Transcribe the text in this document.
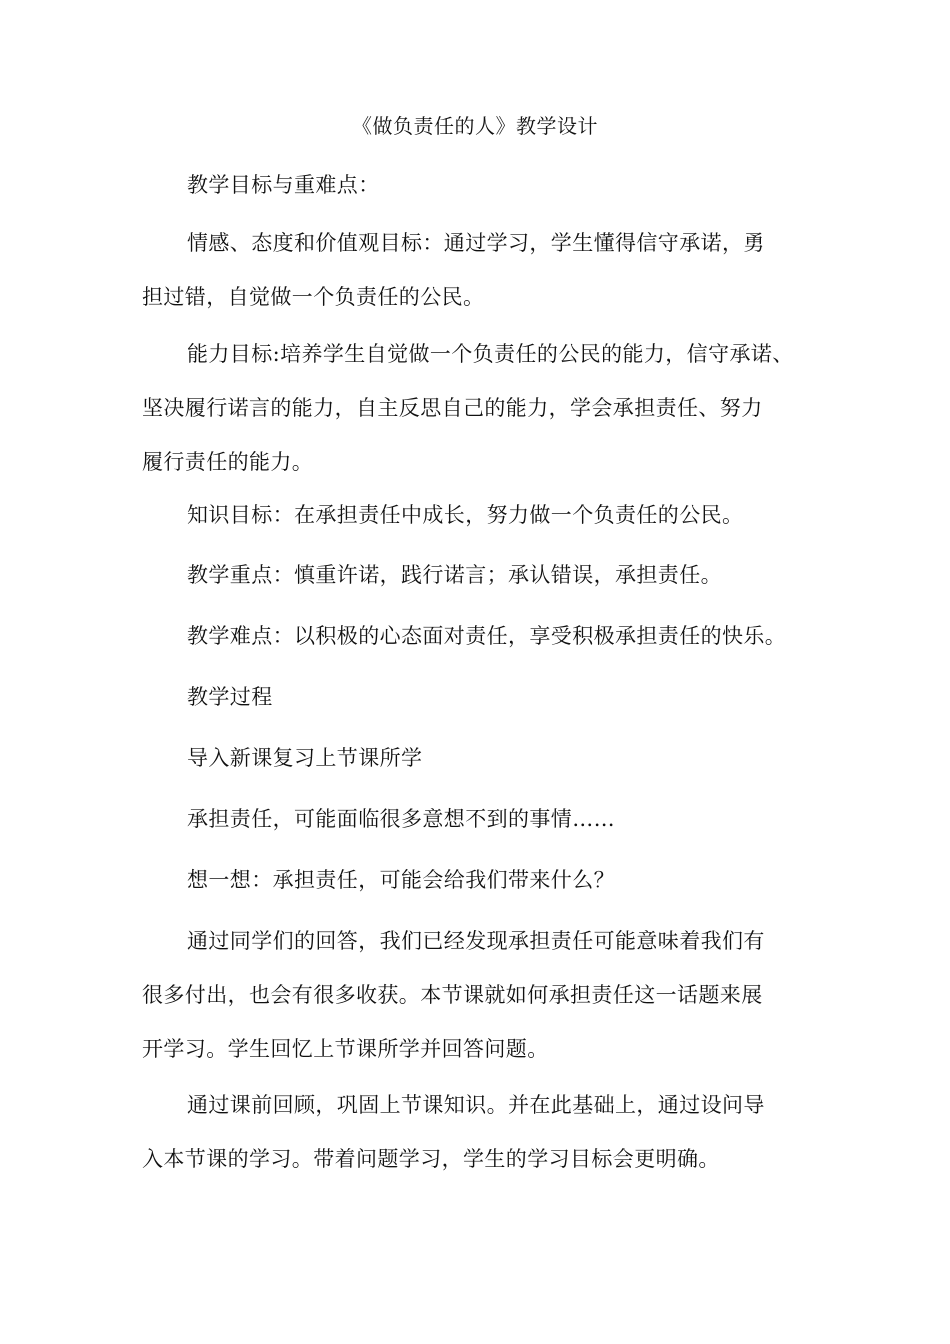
《做负责任的人》教学设计
教学目标与重难点：
情感、态度和价值观目标：通过学习，学生懂得信守承诺，勇
担过错，自觉做一个负责任的公民。
能力目标:培养学生自觉做一个负责任的公民的能力，信守承诺、
坚决履行诺言的能力，自主反思自己的能力，学会承担责任、努力
履行责任的能力。
知识目标：在承担责任中成长，努力做一个负责任的公民。
教学重点：慎重许诺，践行诺言；承认错误，承担责任。
教学难点：以积极的心态面对责任，享受积极承担责任的快乐。
教学过程
导入新课复习上节课所学
承担责任，可能面临很多意想不到的事情……
想一想：承担责任，可能会给我们带来什么？
通过同学们的回答，我们已经发现承担责任可能意味着我们有
很多付出，也会有很多收获。本节课就如何承担责任这一话题来展
开学习。学生回忆上节课所学并回答问题。
通过课前回顾，巩固上节课知识。并在此基础上，通过设问导
入本节课的学习。带着问题学习，学生的学习目标会更明确。
